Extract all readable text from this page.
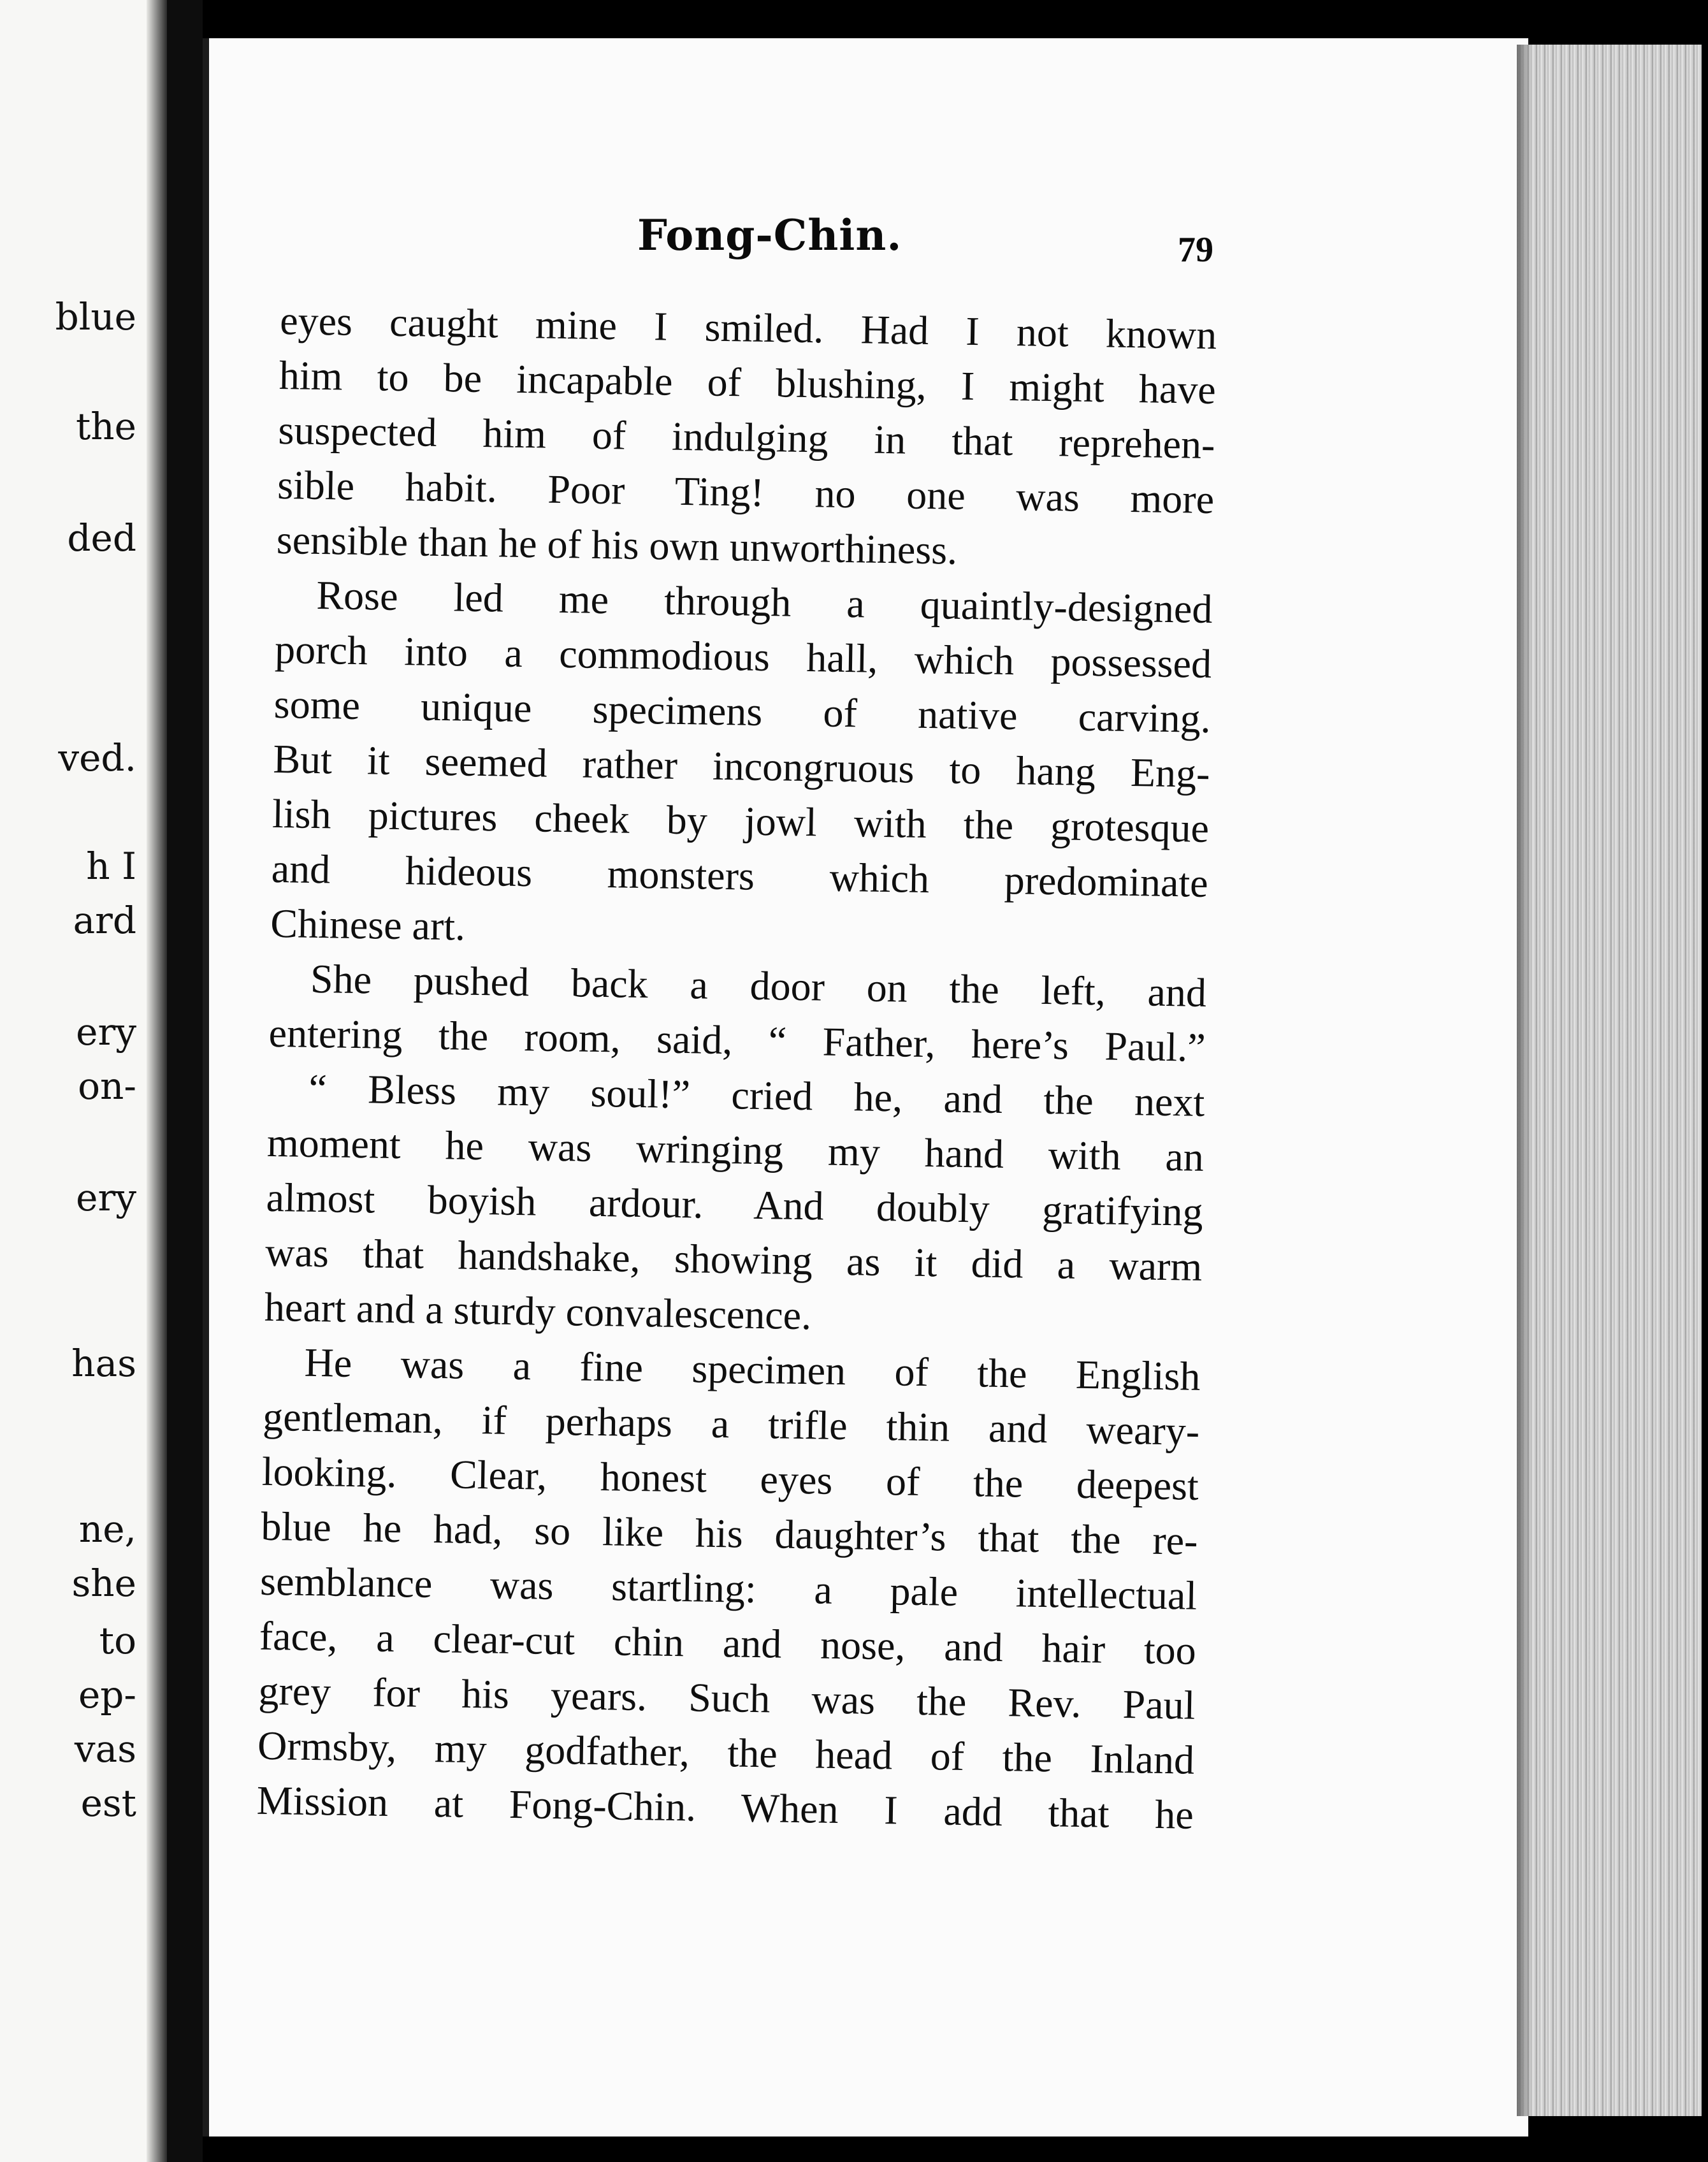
blue
the
ded
ved.
h I
ard
ery
on-
ery
has
ne,
she
to
ep-
vas
est
Fong-Chin.	79

eyes caught mine I smiled. Had I not known

him to be incapable of blushing, I might have

suspected him of indulging in that reprehen-

sible habit. Poor Ting! no one was more

sensible than he of his own unworthiness.

Rose led me through a quaintly-designed

porch into a commodious hall, which possessed

some unique specimens of native carving.

But it seemed rather incongruous to hang Eng-

lish pictures cheek by jowl with the grotesque

and hideous monsters which predominate

Chinese art.

She pushed back a door on the left, and

entering the room, said, “ Father, here’s Paul.”

“ Bless my soul!” cried he, and the next

moment he was wringing my hand with an

almost boyish ardour. And doubly gratifying

was that handshake, showing as it did a warm

heart and a sturdy convalescence.

He was a fine specimen of the English

gentleman, if perhaps a trifle thin and weary-

looking. Clear, honest eyes of the deepest

blue he had, so like his daughter’s that the re-

semblance was startling: a pale intellectual

face, a clear-cut chin and nose, and hair too

grey for his years. Such was the Rev. Paul

Ormsby, my godfather, the head of the Inland

Mission at Fong-Chin. When I add that he
